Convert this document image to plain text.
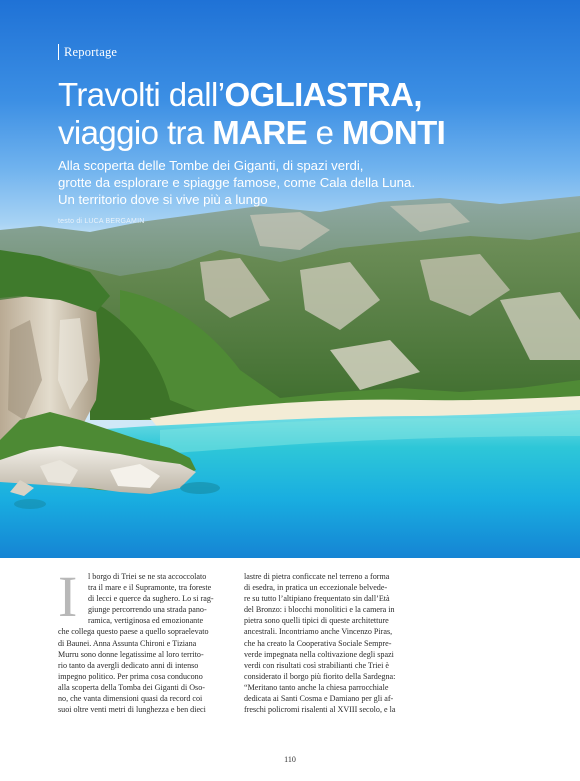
Reportage
Travolti dall’OGLIASTRA,
viaggio tra MARE e MONTI
Alla scoperta delle Tombe dei Giganti, di spazi verdi,
grotte da esplorare e spiagge famose, come Cala della Luna.
Un territorio dove si vive più a lungo
testo di LUCA BERGAMIN
I	l borgo di Triei se ne sta accoccolato
tra il mare e il Supramonte, tra foreste
di lecci e querce da sughero. Lo si rag-
giunge percorrendo una strada pano-
ramica, vertiginosa ed emozionante
che collega questo paese a quello sopraelevato
di Baunei. Anna Assunta Chironi e Tiziana
Murru sono donne legatissime al loro territo-
rio tanto da avergli dedicato anni di intenso
impegno politico. Per prima cosa conducono
alla scoperta della Tomba dei Giganti di Oso-
no, che vanta dimensioni quasi da record coi
suoi oltre venti metri di lunghezza e ben dieci
lastre di pietra conficcate nel terreno a forma
di esedra, in pratica un eccezionale belvede-
re su tutto l’altipiano frequentato sin dall’Età
del Bronzo: i blocchi monolitici e la camera in
pietra sono quelli tipici di queste architetture
ancestrali. Incontriamo anche Vincenzo Piras,
che ha creato la Cooperativa Sociale Sempre-
verde impegnata nella coltivazione degli spazi
verdi con risultati così strabilianti che Triei è
considerato il borgo più fiorito della Sardegna:
“Meritano tanto anche la chiesa parrocchiale
dedicata ai Santi Cosma e Damiano per gli af-
freschi policromi risalenti al XVIII secolo, e la
110
